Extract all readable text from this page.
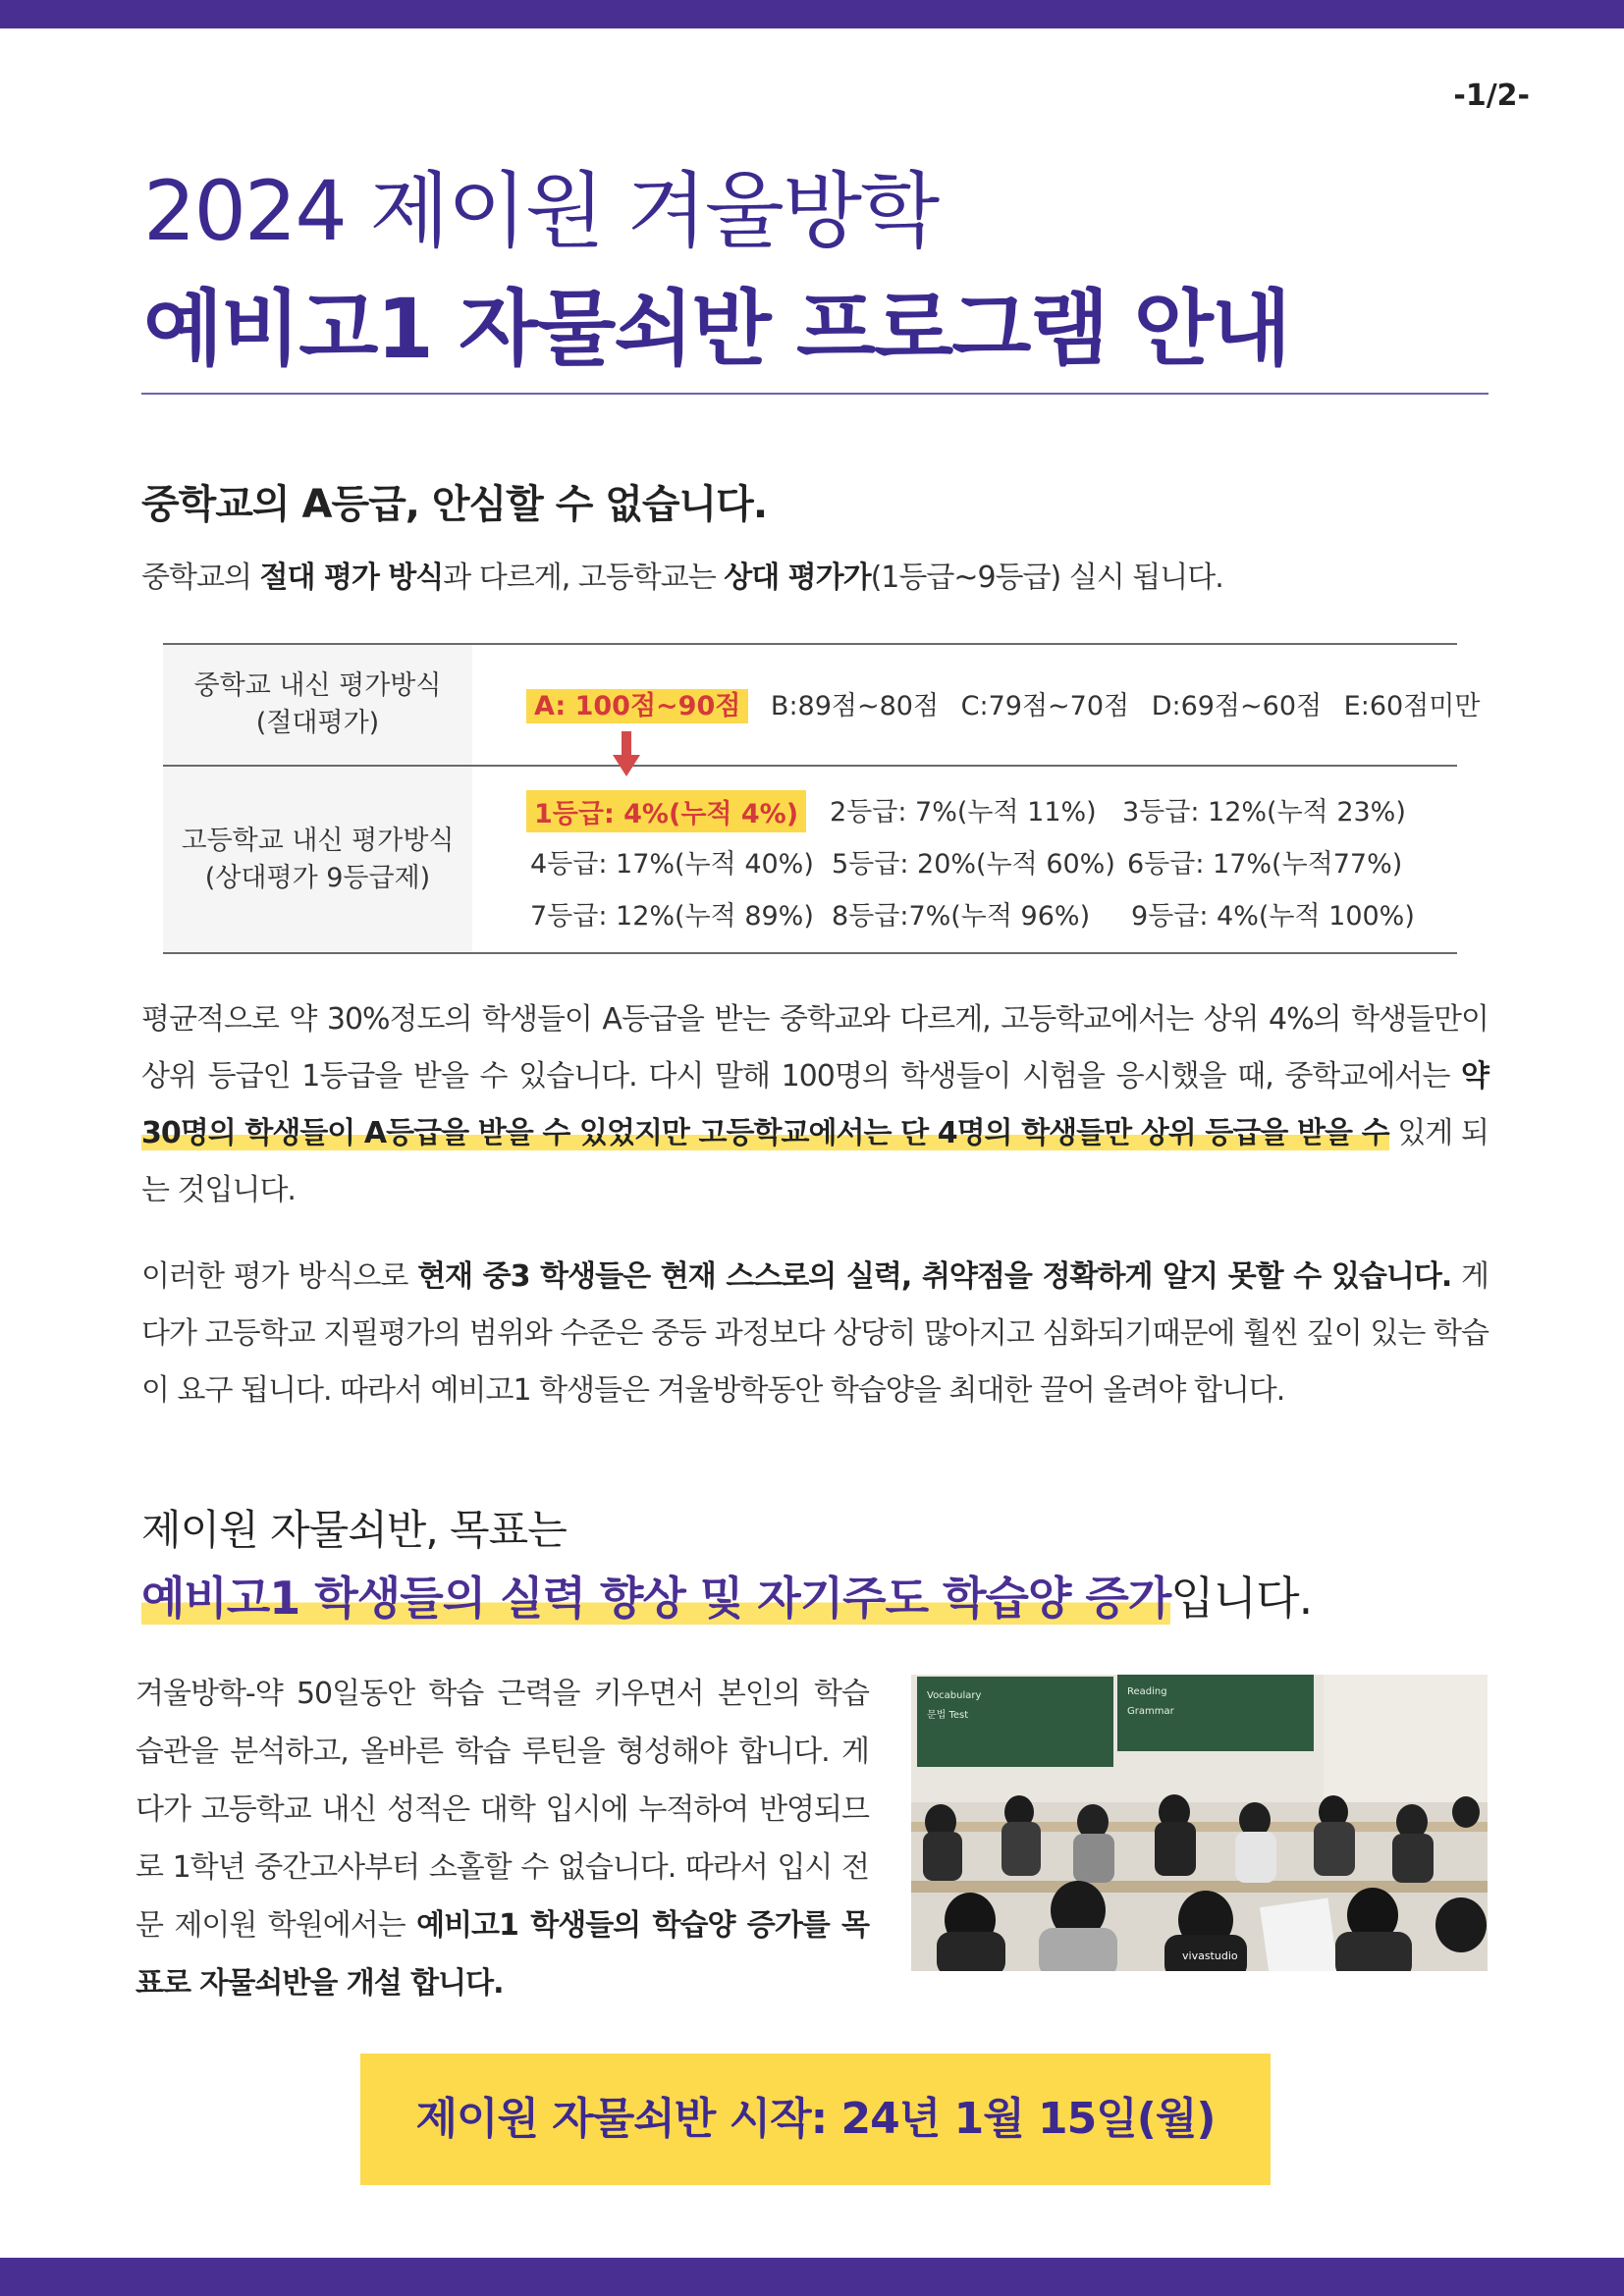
-1/2-
2024 제이원 겨울방학
예비고1 자물쇠반 프로그램 안내
중학교의 A등급, 안심할 수 없습니다.
중학교의 절대 평가 방식과 다르게, 고등학교는 상대 평가가(1등급~9등급) 실시 됩니다.
중학교 내신 평가방식
(절대평가)
고등학교 내신 평가방식
(상대평가 9등급제)
A: 100점~90점 B:89점~80점 C:79점~70점 D:69점~60점 E:60점미만
1등급: 4%(누적 4%) 2등급: 7%(누적 11%) 3등급: 12%(누적 23%)
4등급: 17%(누적 40%) 5등급: 20%(누적 60%) 6등급: 17%(누적77%)
7등급: 12%(누적 89%) 8등급:7%(누적 96%) 9등급: 4%(누적 100%)
평균적으로 약 30%정도의 학생들이 A등급을 받는 중학교와 다르게, 고등학교에서는 상위 4%의 학생들만이 상위 등급인 1등급을 받을 수 있습니다. 다시 말해 100명의 학생들이 시험을 응시했을 때, 중학교에서는 약 30명의 학생들이 A등급을 받을 수 있었지만 고등학교에서는 단 4명의 학생들만 상위 등급을 받을 수 있게 되는 것입니다.
이러한 평가 방식으로 현재 중3 학생들은 현재 스스로의 실력, 취약점을 정확하게 알지 못할 수 있습니다. 게다가 고등학교 지필평가의 범위와 수준은 중등 과정보다 상당히 많아지고 심화되기때문에 훨씬 깊이 있는 학습이 요구 됩니다. 따라서 예비고1 학생들은 겨울방학동안 학습양을 최대한 끌어 올려야 합니다.
제이원 자물쇠반, 목표는
예비고1 학생들의 실력 향상 및 자기주도 학습양 증가입니다.
겨울방학-약 50일동안 학습 근력을 키우면서 본인의 학습 습관을 분석하고, 올바른 학습 루틴을 형성해야 합니다. 게다가 고등학교 내신 성적은 대학 입시에 누적하여 반영되므로 1학년 중간고사부터 소홀할 수 없습니다. 따라서 입시 전문 제이원 학원에서는 예비고1 학생들의 학습양 증가를 목표로 자물쇠반을 개설 합니다.
Vocabulary
문법 Test
Reading
Grammar
vivastudio
제이원 자물쇠반 시작: 24년 1월 15일(월)
